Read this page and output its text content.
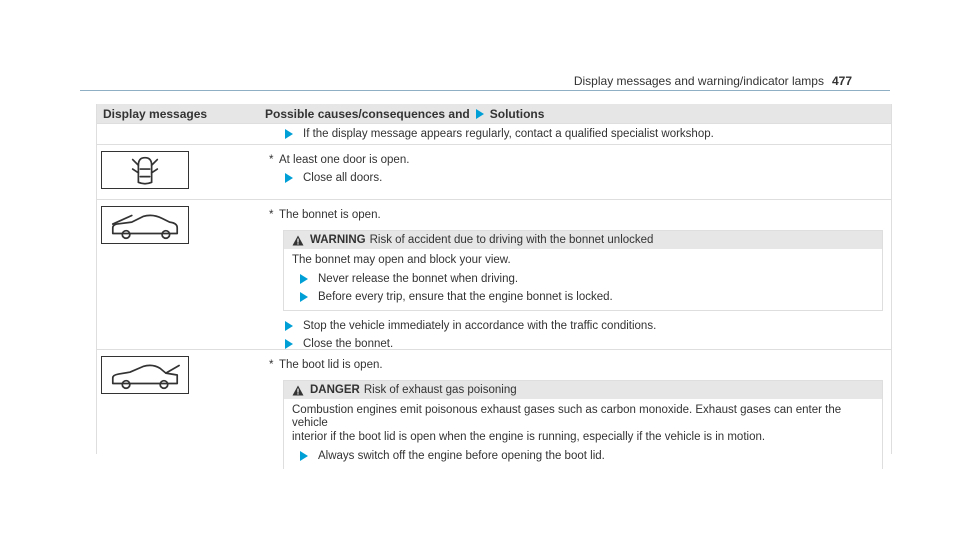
Display messages and warning/indicator lamps 477
Display messages	Possible causes/consequences and Solutions
If the display message appears regularly, contact a qualified specialist workshop.
* At least one door is open.
Close all doors.
* The bonnet is open.
WARNING Risk of accident due to driving with the bonnet unlocked
The bonnet may open and block your view.
Never release the bonnet when driving.
Before every trip, ensure that the engine bonnet is locked.
Stop the vehicle immediately in accordance with the traffic conditions.
Close the bonnet.
* The boot lid is open.
DANGER Risk of exhaust gas poisoning
Combustion engines emit poisonous exhaust gases such as carbon monoxide. Exhaust gases can enter the vehicle
interior if the boot lid is open when the engine is running, especially if the vehicle is in motion.
Always switch off the engine before opening the boot lid.
